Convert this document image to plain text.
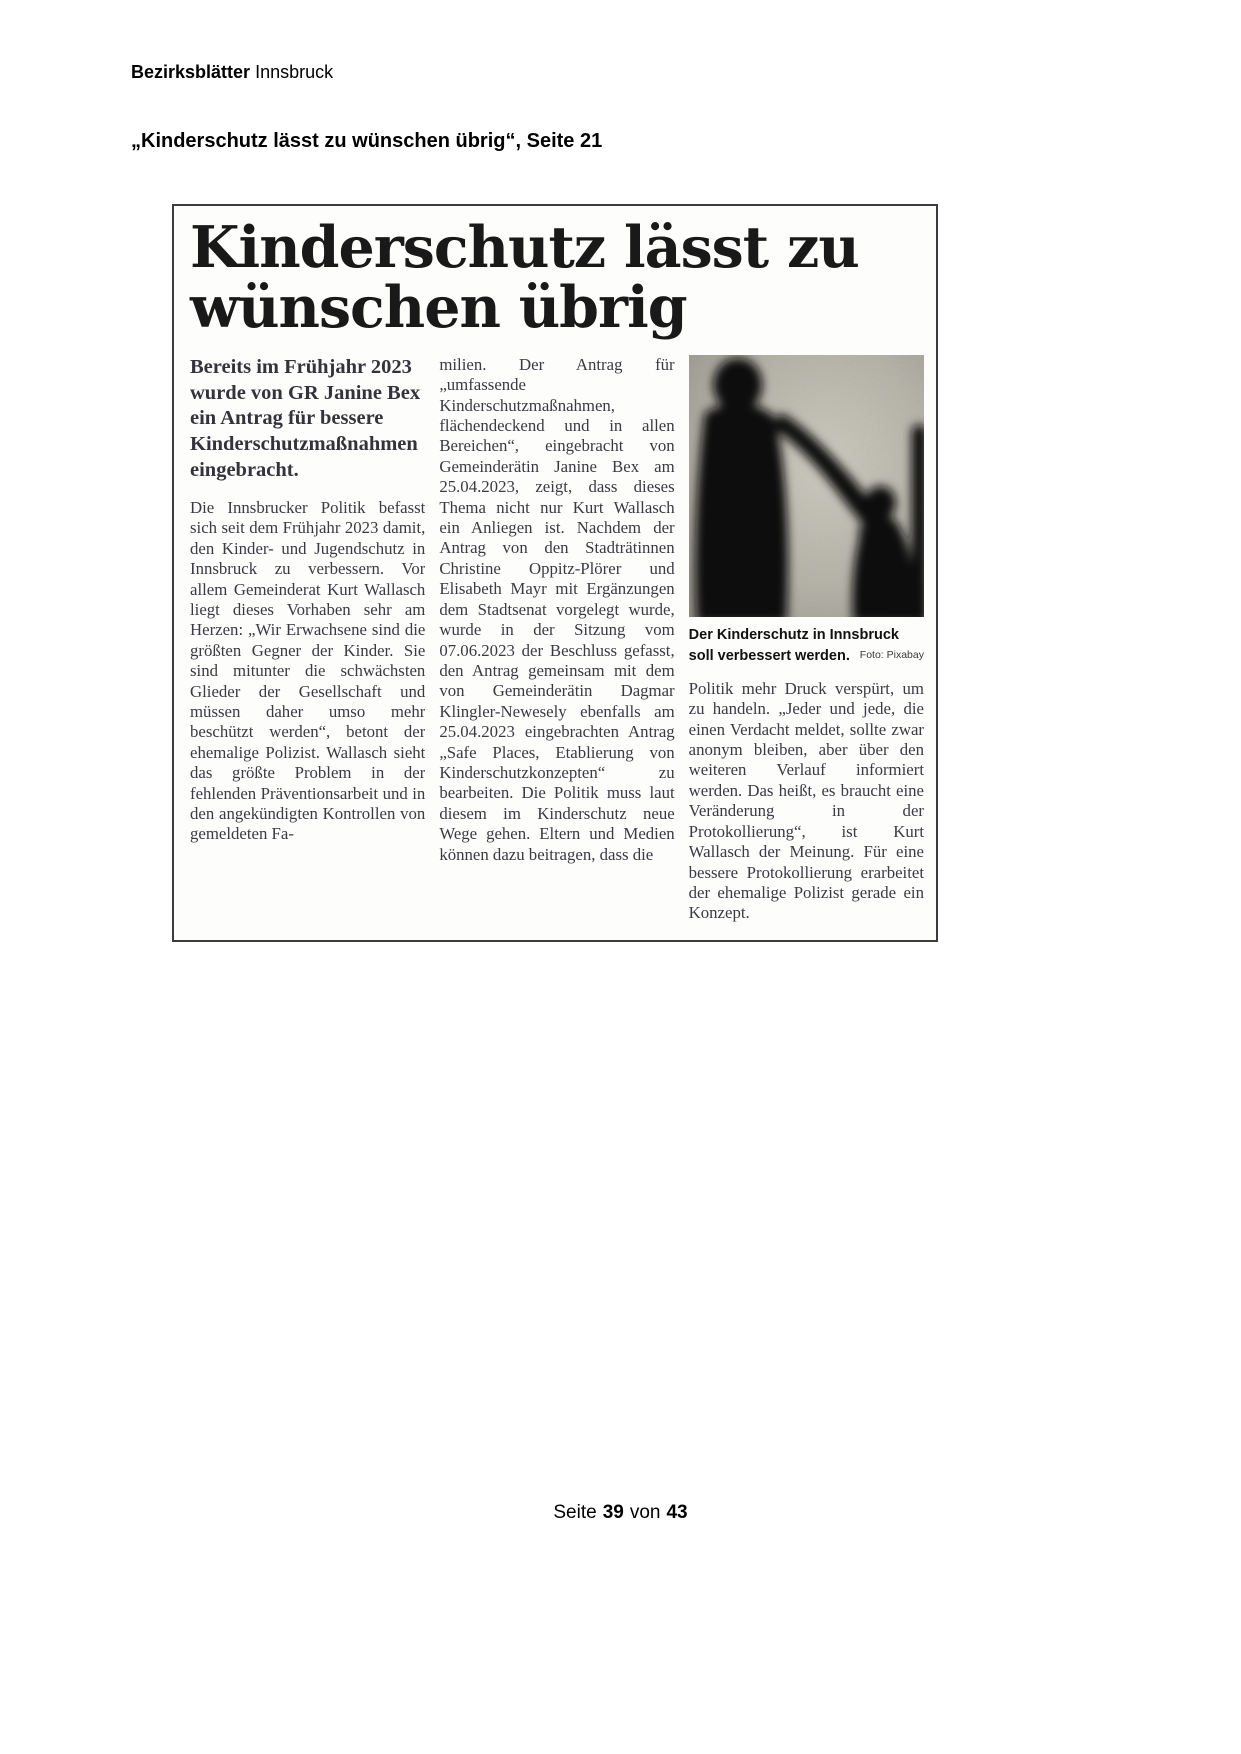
Bezirksblätter Innsbruck
„Kinderschutz lässt zu wünschen übrig“, Seite 21
Kinderschutz lässt zu wünschen übrig

Bereits im Frühjahr 2023 wurde von GR Janine Bex ein Antrag für bessere Kinderschutzmaßnahmen eingebracht.

Die Innsbrucker Politik befasst sich seit dem Frühjahr 2023 damit, den Kinder- und Jugendschutz in Innsbruck zu verbessern. Vor allem Gemeinderat Kurt Wallasch liegt dieses Vorhaben sehr am Herzen: „Wir Erwachsene sind die größten Gegner der Kinder. Sie sind mitunter die schwächsten Glieder der Gesellschaft und müssen daher umso mehr beschützt werden“, betont der ehemalige Polizist. Wallasch sieht das größte Problem in der fehlenden Präventionsarbeit und in den angekündigten Kontrollen von gemeldeten Fa-

milien. Der Antrag für „umfassende Kinderschutzmaßnahmen, flächendeckend und in allen Bereichen“, eingebracht von Gemeinderätin Janine Bex am 25.04.2023, zeigt, dass dieses Thema nicht nur Kurt Wallasch ein Anliegen ist. Nachdem der Antrag von den Stadträtinnen Christine Oppitz-Plörer und Elisabeth Mayr mit Ergänzungen dem Stadtsenat vorgelegt wurde, wurde in der Sitzung vom 07.06.2023 der Beschluss gefasst, den Antrag gemeinsam mit dem von Gemeinderätin Dagmar Klingler-Newesely ebenfalls am 25.04.2023 eingebrachten Antrag „Safe Places, Etablierung von Kinderschutzkonzepten“ zu bearbeiten. Die Politik muss laut diesem im Kinderschutz neue Wege gehen. Eltern und Medien können dazu beitragen, dass die

Der Kinderschutz in Innsbruck soll verbessert werden. Foto: Pixabay

Politik mehr Druck verspürt, um zu handeln. „Jeder und jede, die einen Verdacht meldet, sollte zwar anonym bleiben, aber über den weiteren Verlauf informiert werden. Das heißt, es braucht eine Veränderung in der Protokollierung“, ist Kurt Wallasch der Meinung. Für eine bessere Protokollierung erarbeitet der ehemalige Polizist gerade ein Konzept.

Seite 39 von 43
